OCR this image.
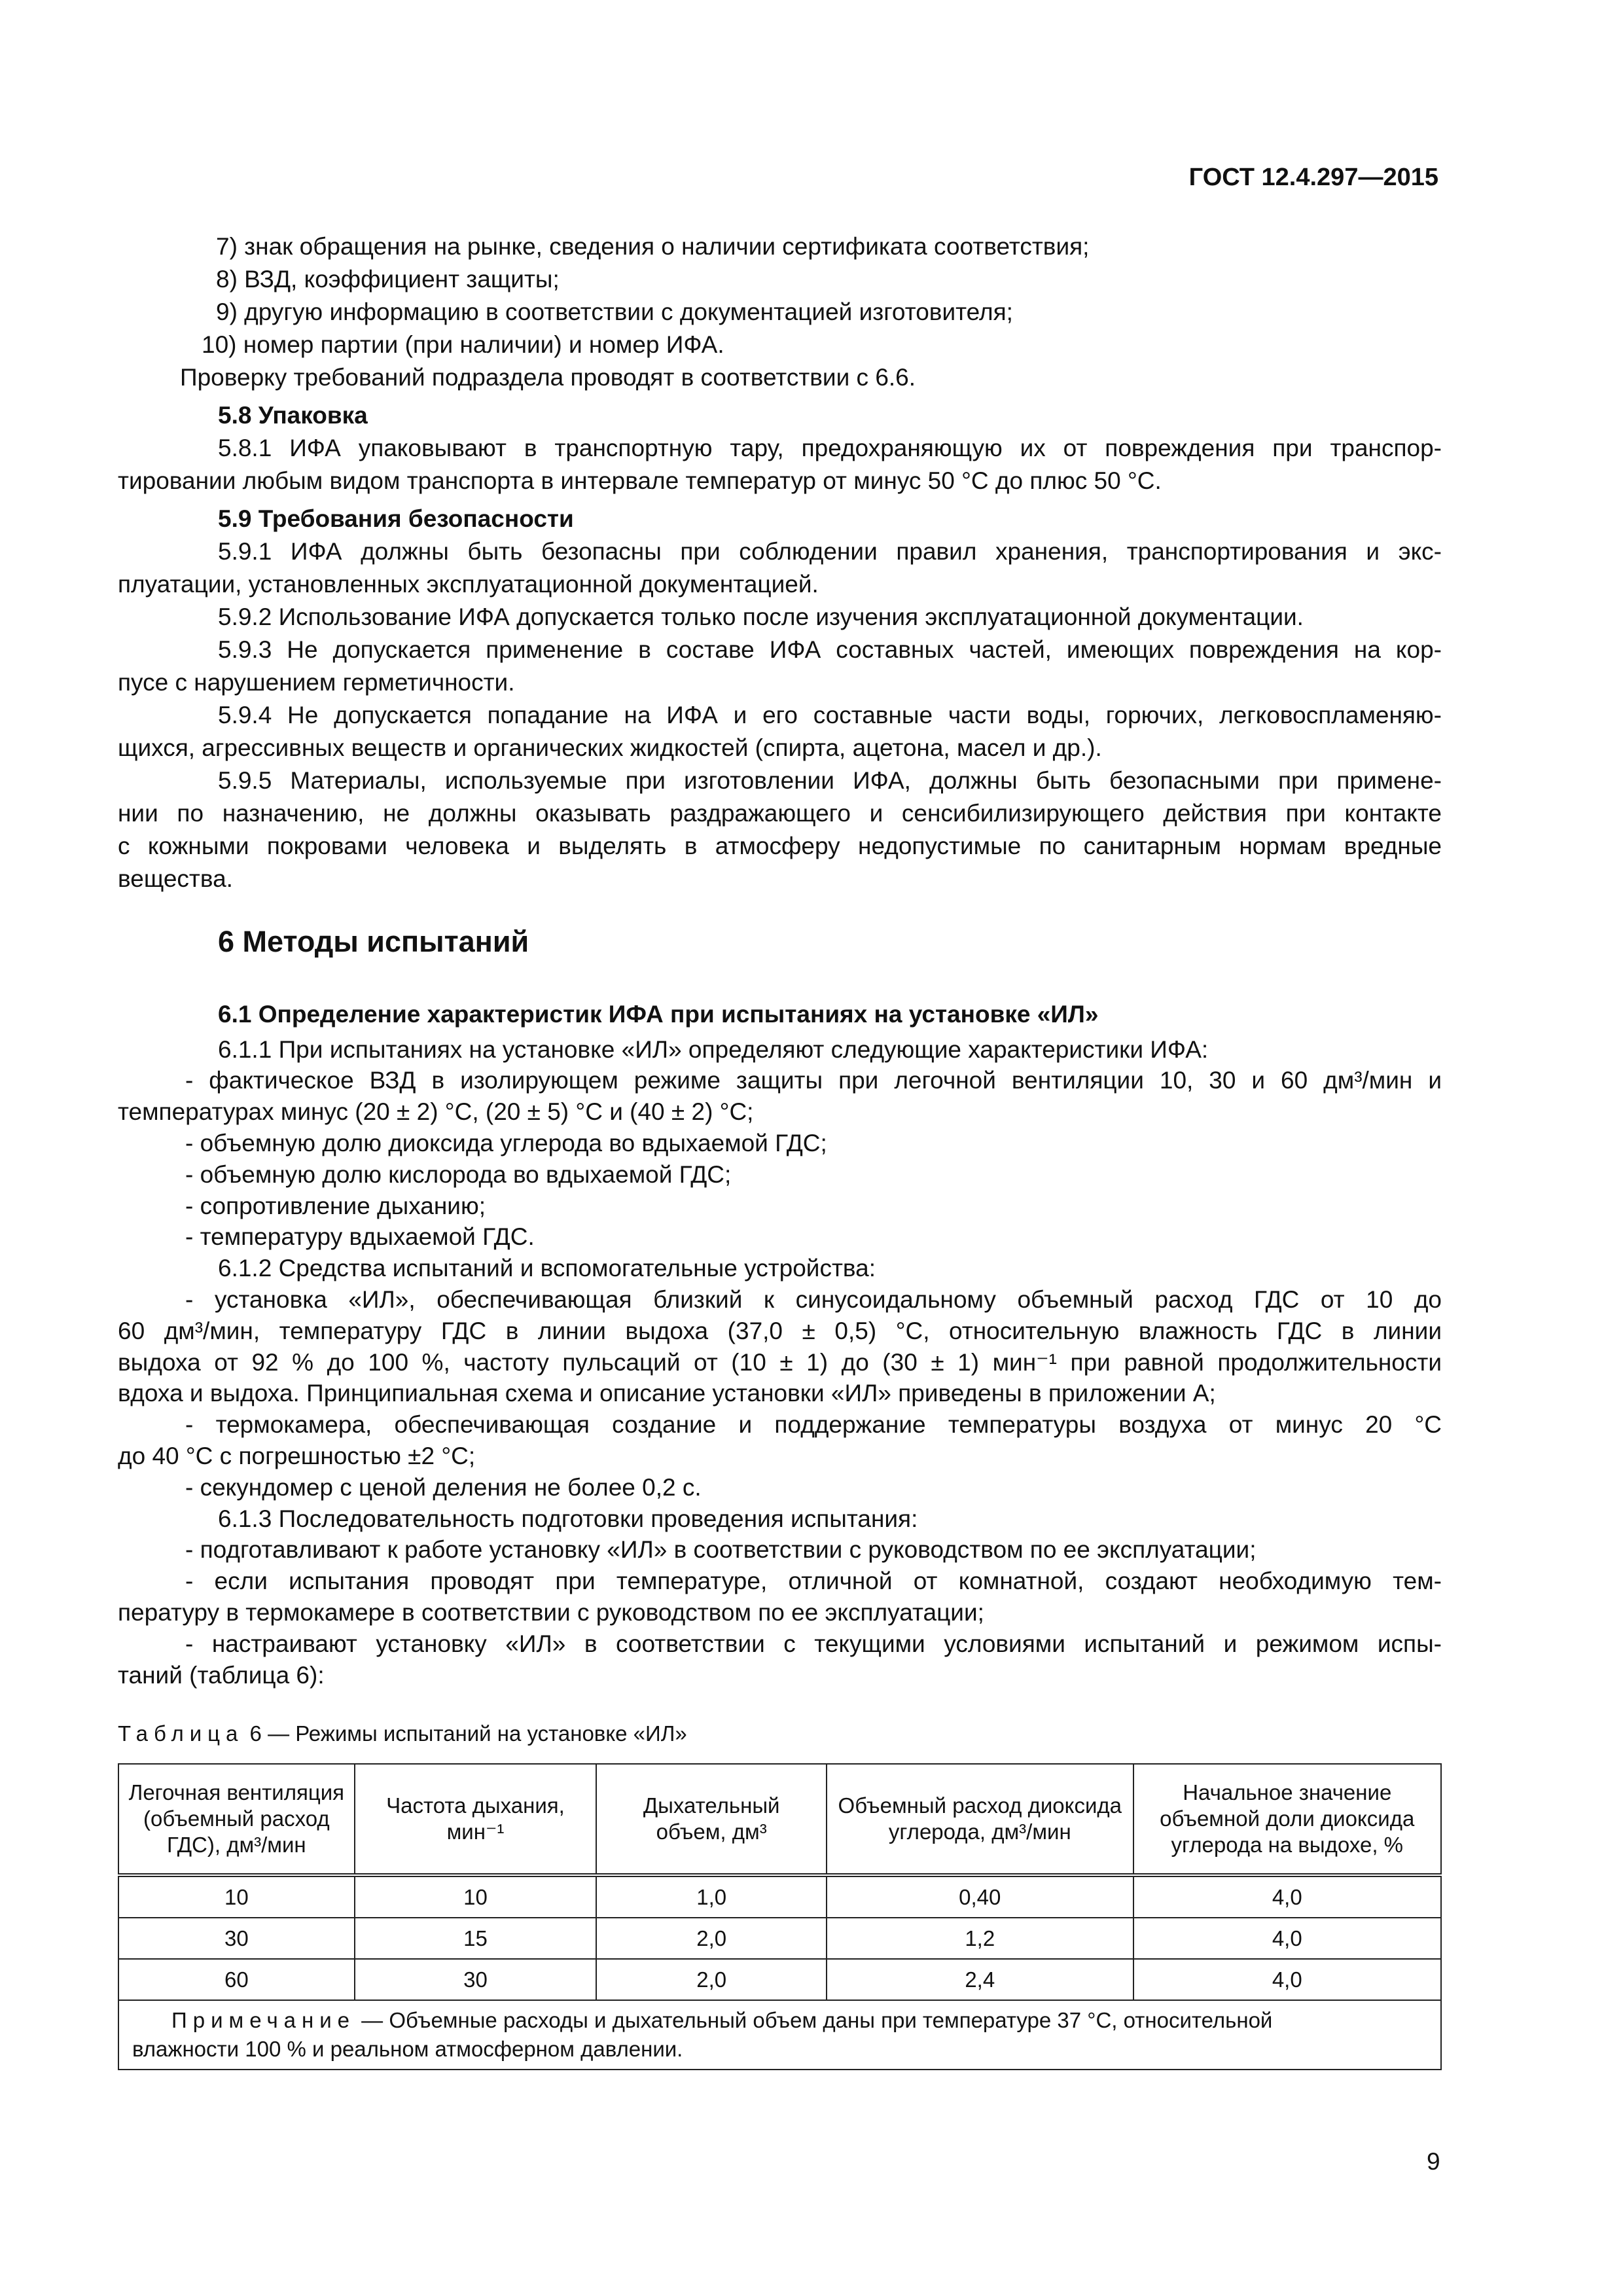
ГОСТ 12.4.297—2015
7) знак обращения на рынке, сведения о наличии сертификата соответствия;
8) ВЗД, коэффициент защиты;
9) другую информацию в соответствии с документацией изготовителя;
10) номер партии (при наличии) и номер ИФА.
Проверку требований подраздела проводят в соответствии с 6.6.
5.8 Упаковка
5.8.1 ИФА упаковывают в транспортную тару, предохраняющую их от повреждения при транспор-
тировании любым видом транспорта в интервале температур от минус 50 °С до плюс 50 °С.
5.9 Требования безопасности
5.9.1 ИФА должны быть безопасны при соблюдении правил хранения, транспортирования и экс-
плуатации, установленных эксплуатационной документацией.
5.9.2 Использование ИФА допускается только после изучения эксплуатационной документации.
5.9.3 Не допускается применение в составе ИФА составных частей, имеющих повреждения на кор-
пусе с нарушением герметичности.
5.9.4 Не допускается попадание на ИФА и его составные части воды, горючих, легковоспламеняю-
щихся, агрессивных веществ и органических жидкостей (спирта, ацетона, масел и др.).
5.9.5 Материалы, используемые при изготовлении ИФА, должны быть безопасными при примене-
нии по назначению, не должны оказывать раздражающего и сенсибилизирующего действия при контакте
с кожными покровами человека и выделять в атмосферу недопустимые по санитарным нормам вредные
вещества.
6 Методы испытаний
6.1 Определение характеристик ИФА при испытаниях на установке «ИЛ»
6.1.1 При испытаниях на установке «ИЛ» определяют следующие характеристики ИФА:
- фактическое ВЗД в изолирующем режиме защиты при легочной вентиляции 10, 30 и 60 дм³/мин и
температурах минус (20 ± 2) °С, (20 ± 5) °С и (40 ± 2) °С;
- объемную долю диоксида углерода во вдыхаемой ГДС;
- объемную долю кислорода во вдыхаемой ГДС;
- сопротивление дыханию;
- температуру вдыхаемой ГДС.
6.1.2 Средства испытаний и вспомогательные устройства:
- установка «ИЛ», обеспечивающая близкий к синусоидальному объемный расход ГДС от 10 до
60 дм³/мин, температуру ГДС в линии выдоха (37,0 ± 0,5) °С, относительную влажность ГДС в линии
выдоха от 92 % до 100 %, частоту пульсаций от (10 ± 1) до (30 ± 1) мин⁻¹ при равной продолжительности
вдоха и выдоха. Принципиальная схема и описание установки «ИЛ» приведены в приложении А;
- термокамера, обеспечивающая создание и поддержание температуры воздуха от минус 20 °С
до 40 °С с погрешностью ±2 °С;
- секундомер с ценой деления не более 0,2 с.
6.1.3 Последовательность подготовки проведения испытания:
- подготавливают к работе установку «ИЛ» в соответствии с руководством по ее эксплуатации;
- если испытания проводят при температуре, отличной от комнатной, создают необходимую тем-
пературу в термокамере в соответствии с руководством по ее эксплуатации;
- настраивают установку «ИЛ» в соответствии с текущими условиями испытаний и режимом испы-
таний (таблица 6):
Таблица 6 — Режимы испытаний на установке «ИЛ»
Легочная вентиляция
(объемный расход
ГДС), дм³/мин	Частота дыхания,
мин⁻¹	Дыхательный
объем, дм³	Объемный расход диоксида
углерода, дм³/мин	Начальное значение
объемной доли диоксида
углерода на выдохе, %
10	10	1,0	0,40	4,0
30	15	2,0	1,2	4,0
60	30	2,0	2,4	4,0

Примечание — Объемные расходы и дыхательный объем даны при температуре 37 °С, относительной
влажности 100 % и реальном атмосферном давлении.				
9
